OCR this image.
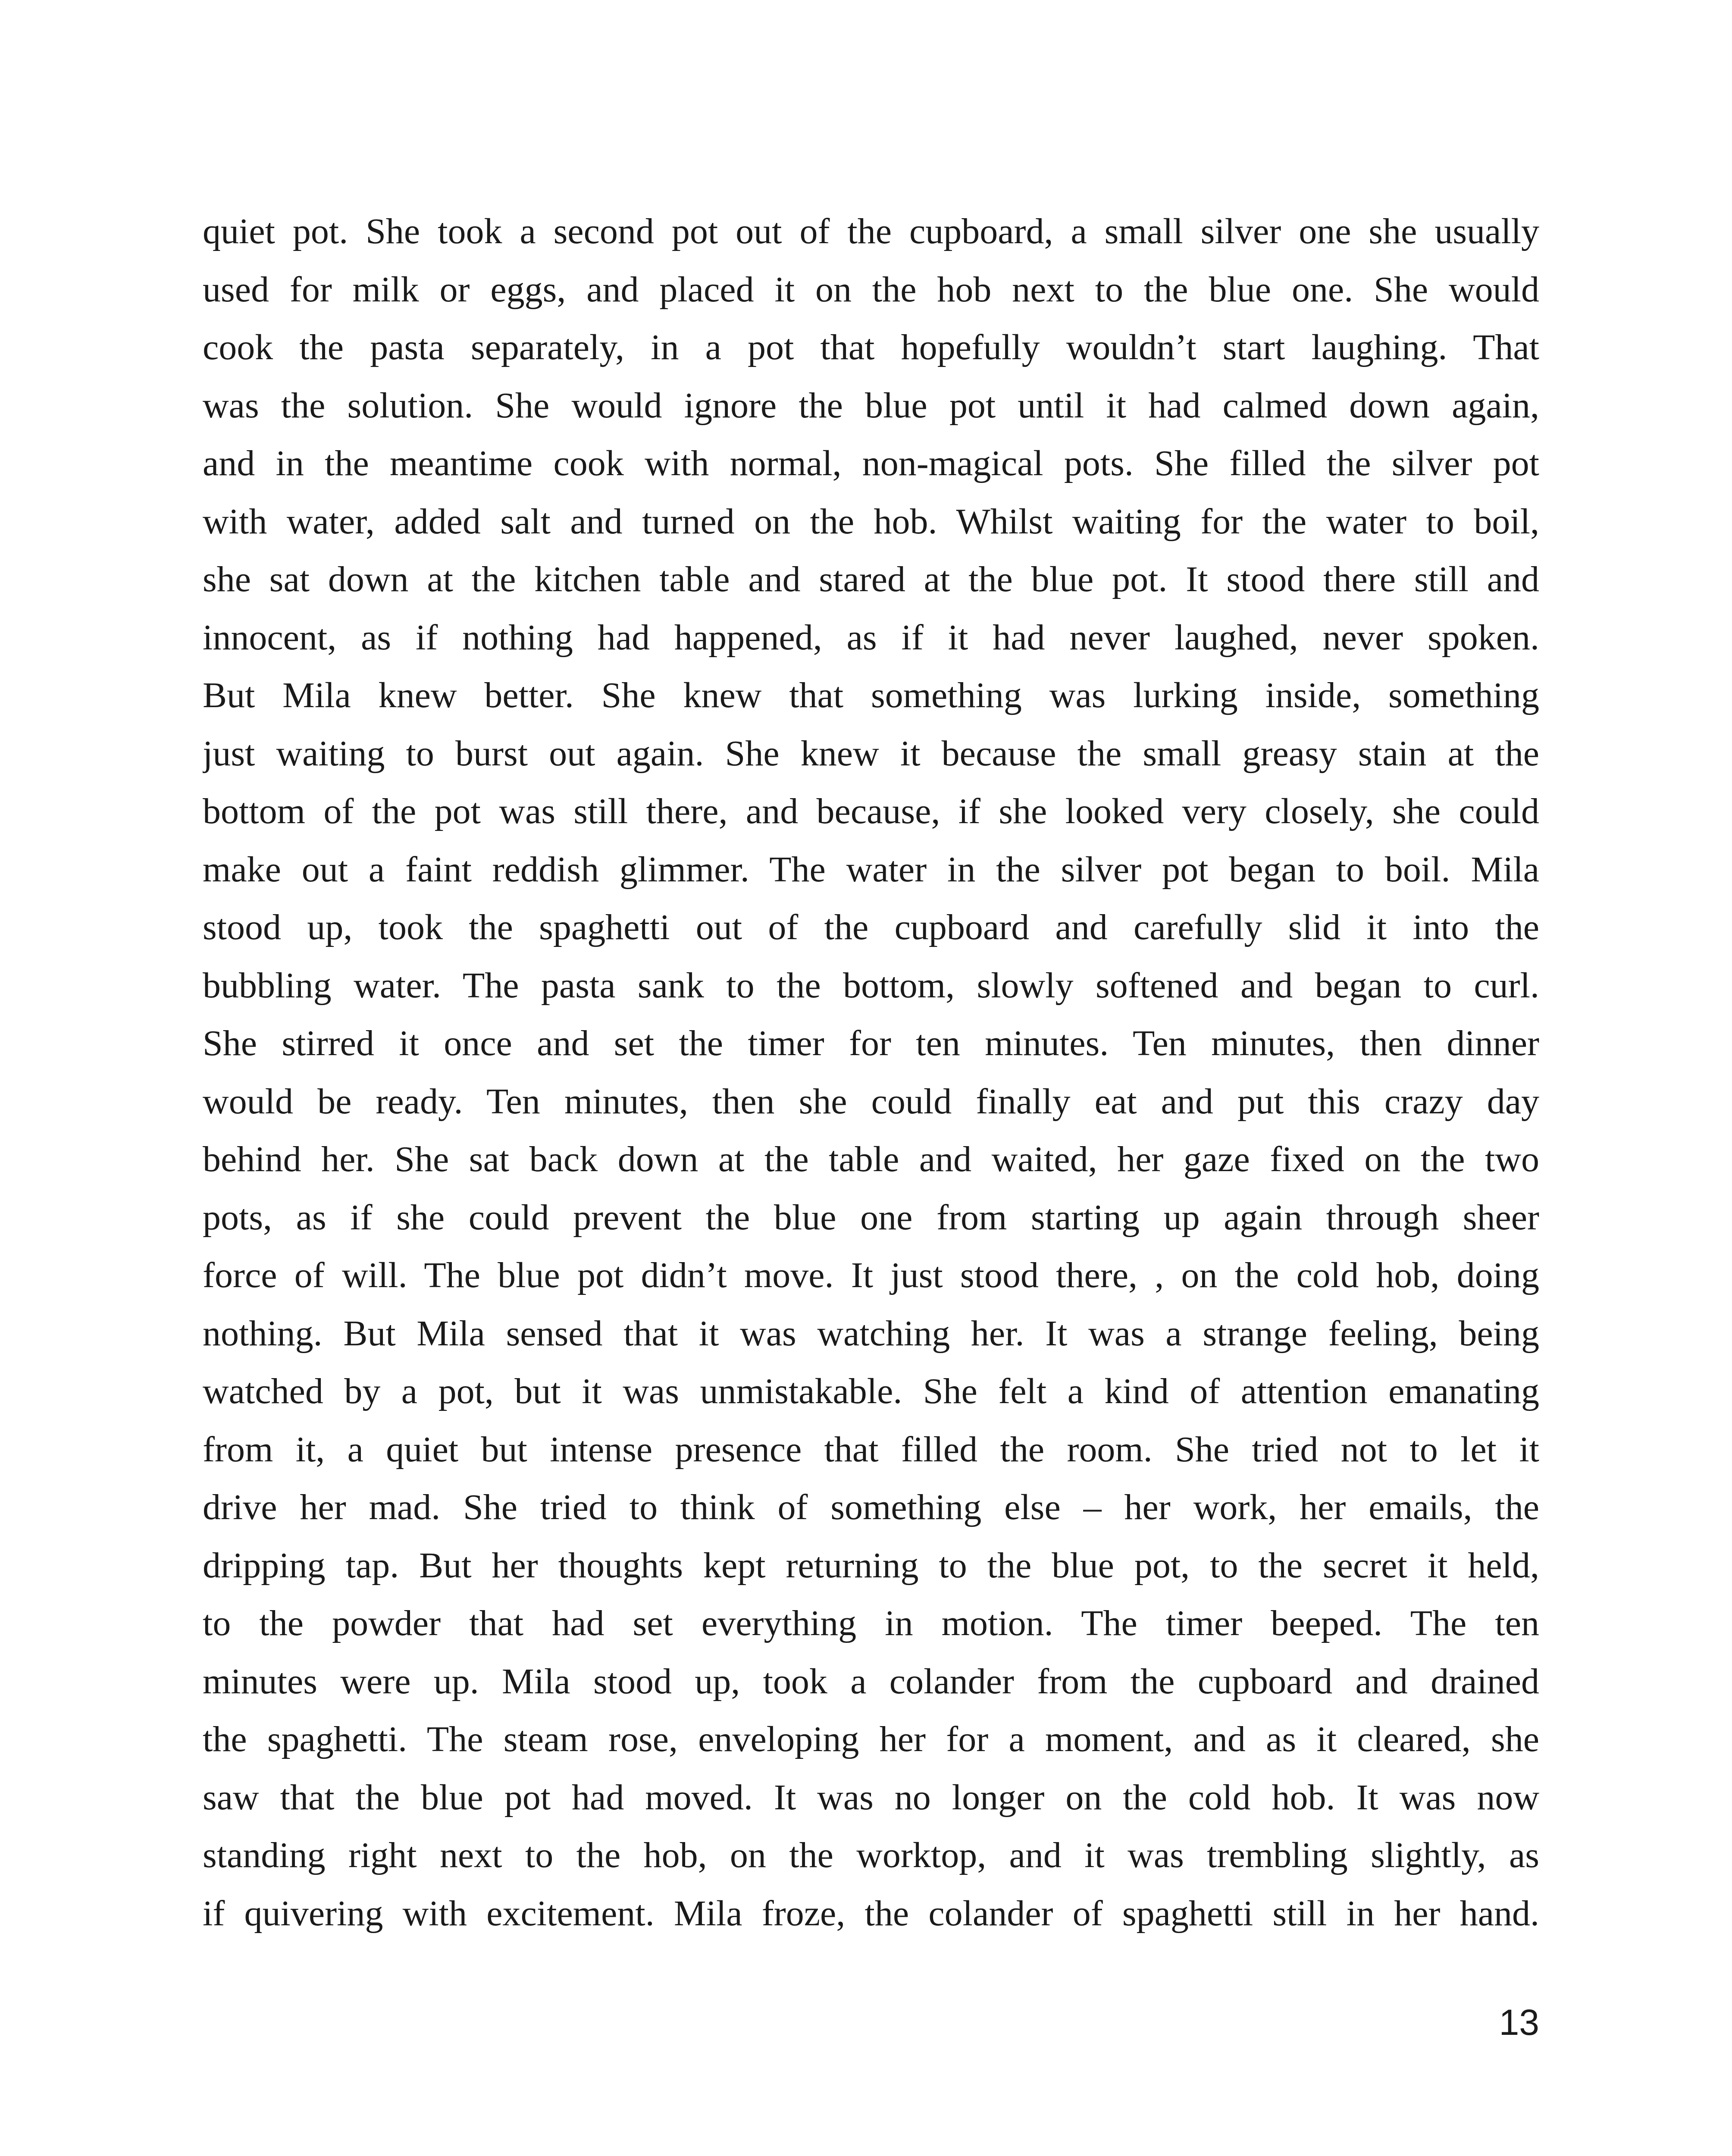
quiet pot. She took a second pot out of the cupboard, a small silver one she usually
used for milk or eggs, and placed it on the hob next to the blue one. She would
cook the pasta separately, in a pot that hopefully wouldn’t start laughing. That
was the solution. She would ignore the blue pot until it had calmed down again,
and in the meantime cook with normal, non-magical pots. She filled the silver pot
with water, added salt and turned on the hob. Whilst waiting for the water to boil,
she sat down at the kitchen table and stared at the blue pot. It stood there still and
innocent, as if nothing had happened, as if it had never laughed, never spoken.
But Mila knew better. She knew that something was lurking inside, something
just waiting to burst out again. She knew it because the small greasy stain at the
bottom of the pot was still there, and because, if she looked very closely, she could
make out a faint reddish glimmer. The water in the silver pot began to boil. Mila
stood up, took the spaghetti out of the cupboard and carefully slid it into the
bubbling water. The pasta sank to the bottom, slowly softened and began to curl.
She stirred it once and set the timer for ten minutes. Ten minutes, then dinner
would be ready. Ten minutes, then she could finally eat and put this crazy day
behind her. She sat back down at the table and waited, her gaze fixed on the two
pots, as if she could prevent the blue one from starting up again through sheer
force of will. The blue pot didn’t move. It just stood there, , on the cold hob, doing
nothing. But Mila sensed that it was watching her. It was a strange feeling, being
watched by a pot, but it was unmistakable. She felt a kind of attention emanating
from it, a quiet but intense presence that filled the room. She tried not to let it
drive her mad. She tried to think of something else – her work, her emails, the
dripping tap. But her thoughts kept returning to the blue pot, to the secret it held,
to the powder that had set everything in motion. The timer beeped. The ten
minutes were up. Mila stood up, took a colander from the cupboard and drained
the spaghetti. The steam rose, enveloping her for a moment, and as it cleared, she
saw that the blue pot had moved. It was no longer on the cold hob. It was now
standing right next to the hob, on the worktop, and it was trembling slightly, as
if quivering with excitement. Mila froze, the colander of spaghetti still in her hand.
13
